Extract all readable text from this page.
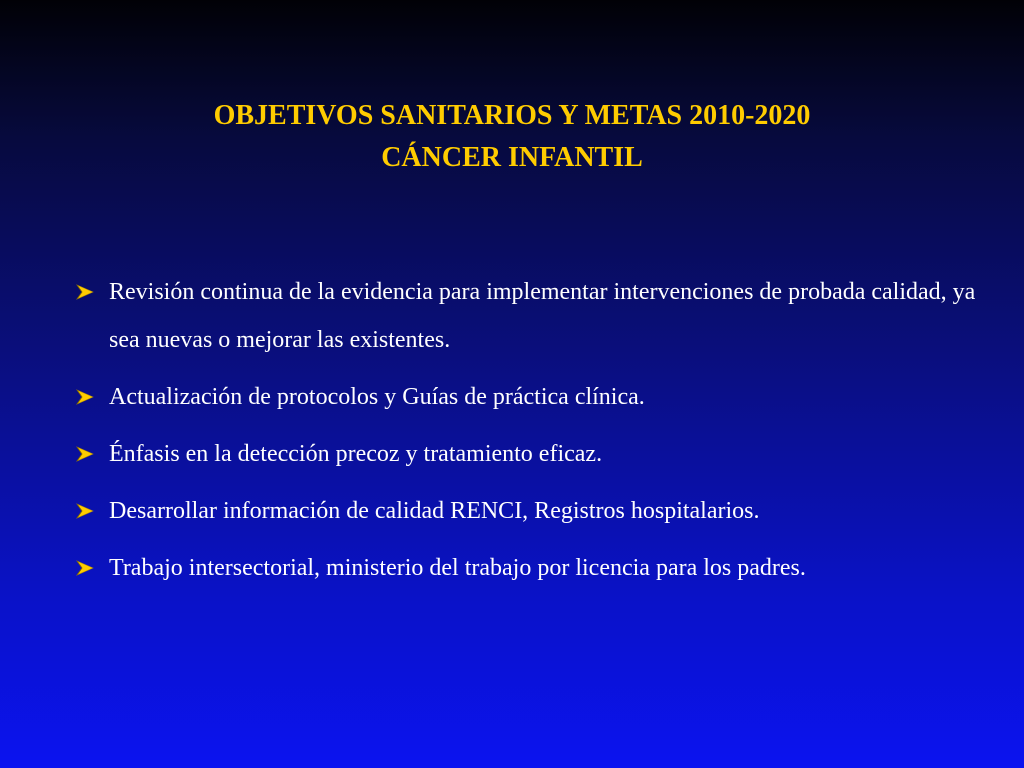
OBJETIVOS SANITARIOS Y METAS 2010-2020
CÁNCER INFANTIL
Revisión continua de la evidencia para implementar intervenciones de probada calidad, ya sea nuevas o mejorar las existentes.
Actualización de protocolos y Guías de práctica clínica.
Énfasis en la detección precoz y tratamiento eficaz.
Desarrollar información de calidad RENCI, Registros hospitalarios.
Trabajo intersectorial, ministerio del trabajo por licencia para los padres.
